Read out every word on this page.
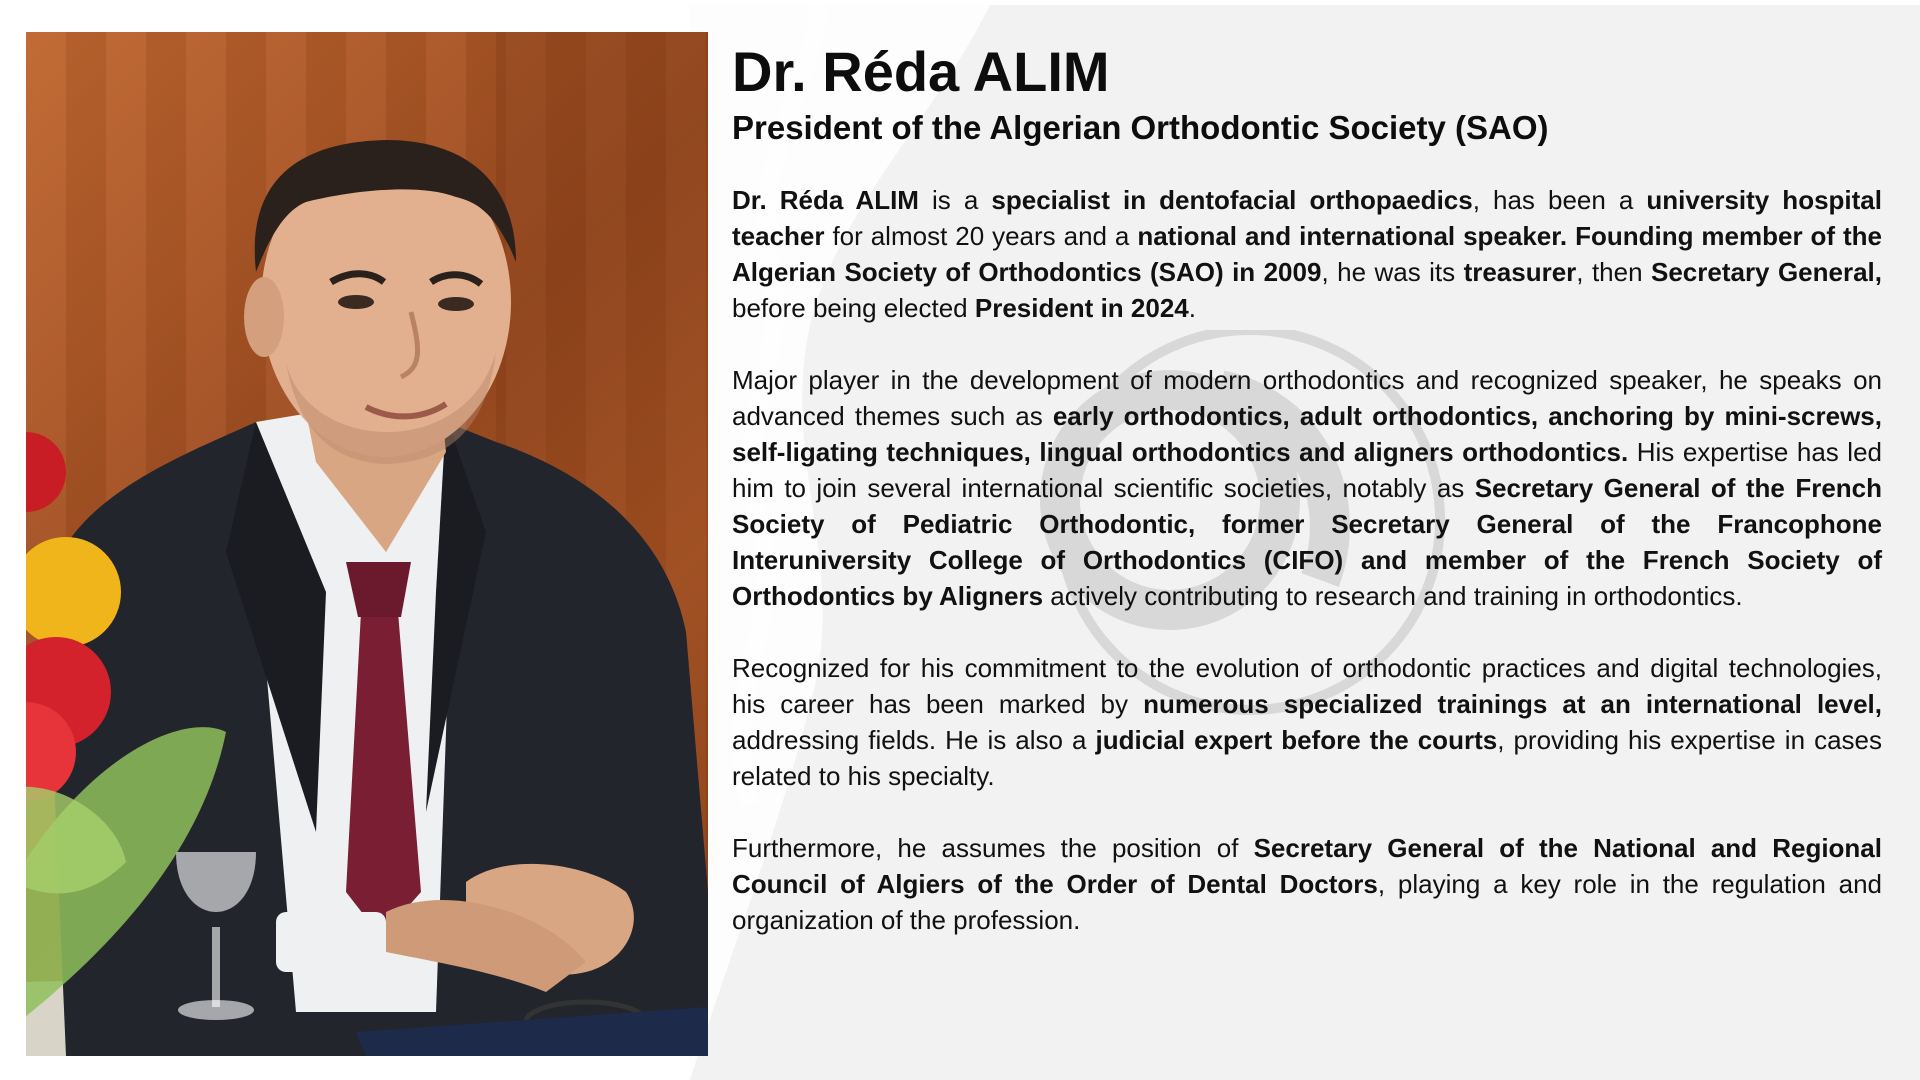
Dr. Réda ALIM
President of the Algerian Orthodontic Society (SAO)

Dr. Réda ALIM is a specialist in dentofacial orthopaedics, has been a university hospital teacher for almost 20 years and a national and international speaker. Founding member of the Algerian Society of Orthodontics (SAO) in 2009, he was its treasurer, then Secretary General, before being elected President in 2024.

Major player in the development of modern orthodontics and recognized speaker, he speaks on advanced themes such as early orthodontics, adult orthodontics, anchoring by mini-screws, self-ligating techniques, lingual orthodontics and aligners orthodontics. His expertise has led him to join several international scientific societies, notably as Secretary General of the French Society of Pediatric Orthodontic, former Secretary General of the Francophone Interuniversity College of Orthodontics (CIFO) and member of the French Society of Orthodontics by Aligners actively contributing to research and training in orthodontics.

Recognized for his commitment to the evolution of orthodontic practices and digital technologies, his career has been marked by numerous specialized trainings at an international level, addressing fields. He is also a judicial expert before the courts, providing his expertise in cases related to his specialty.

Furthermore, he assumes the position of Secretary General of the National and Regional Council of Algiers of the Order of Dental Doctors, playing a key role in the regulation and organization of the profession.
